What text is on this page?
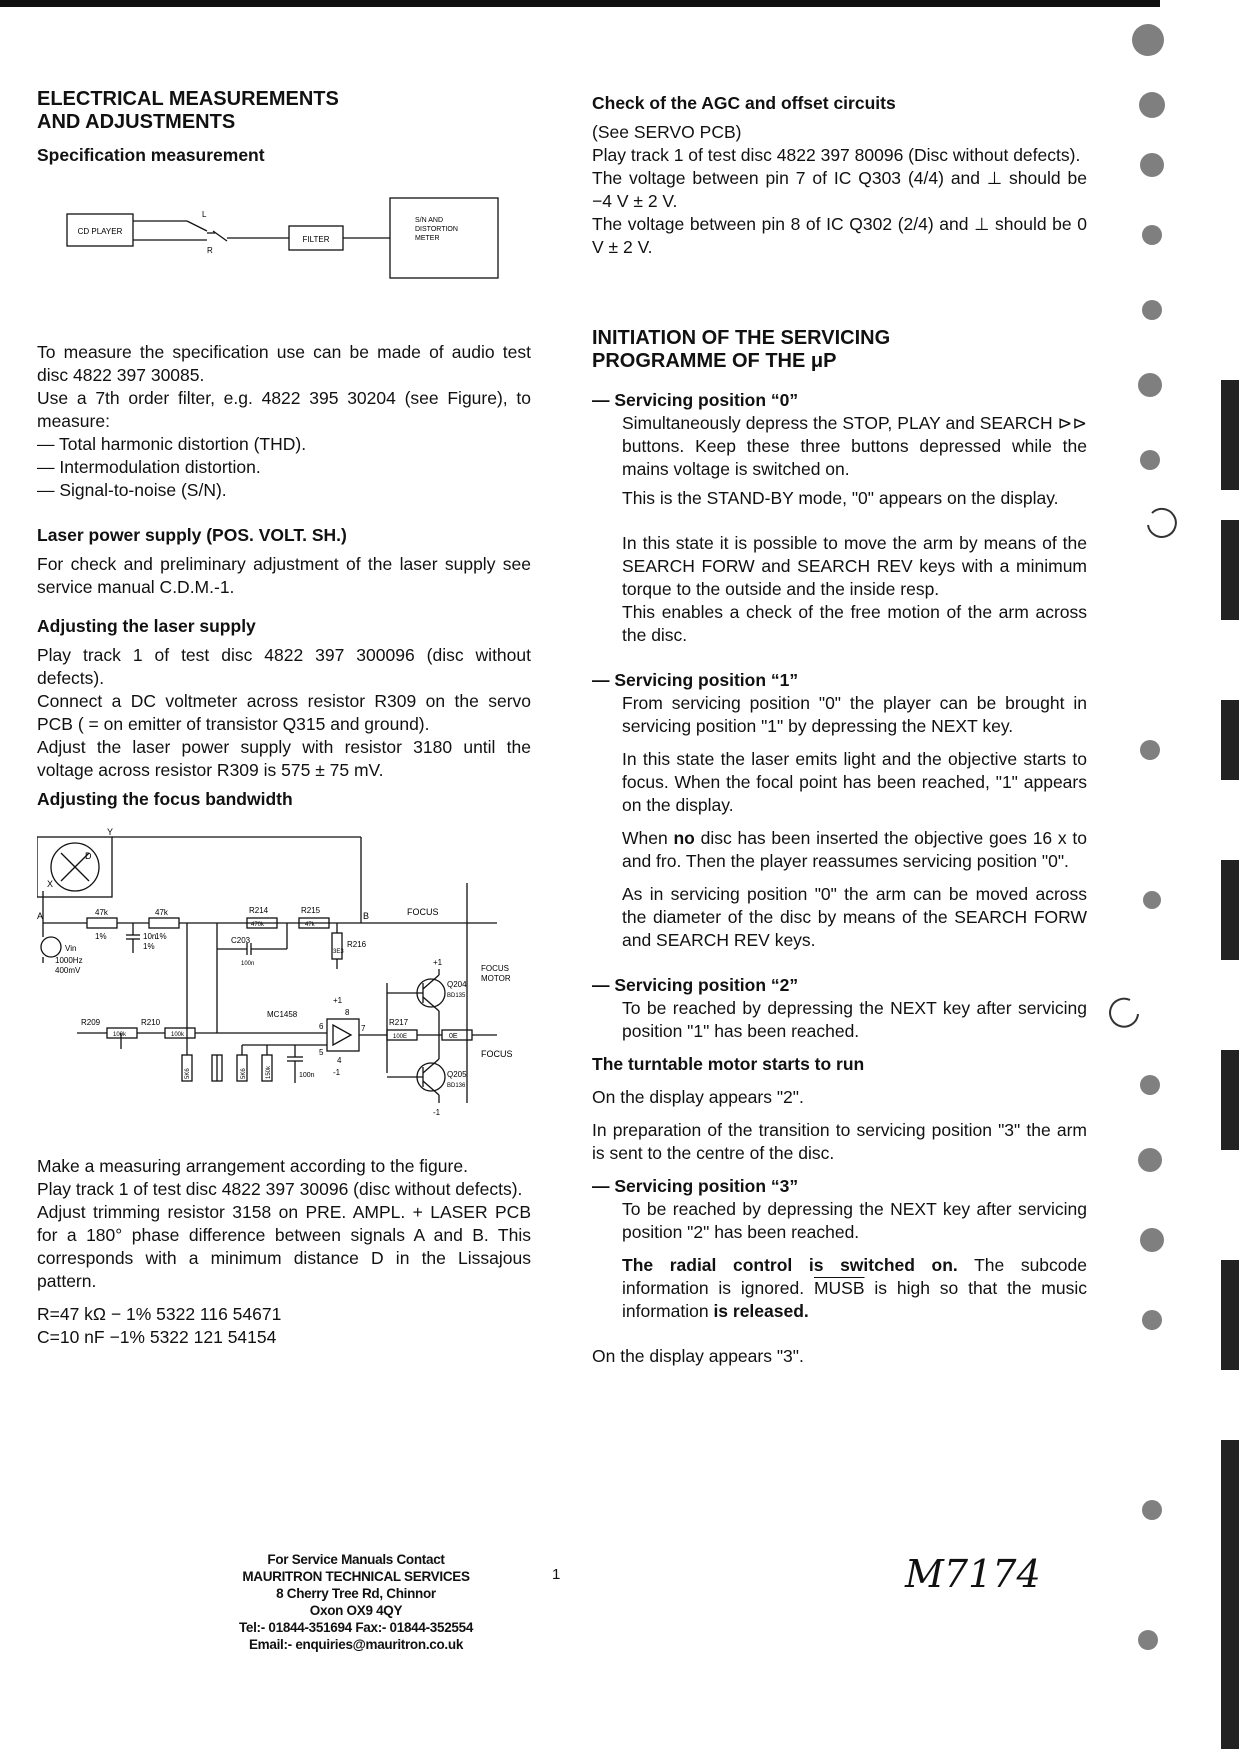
ELECTRICAL MEASUREMENTS
AND ADJUSTMENTS
Specification measurement
CD PLAYER
L
R
FILTER
S/N AND
DISTORTION
METER

To measure the specification use can be made of audio test disc 4822 397 30085.

Use a 7th order filter, e.g. 4822 395 30204 (see Figure), to measure:

— Total harmonic distortion (THD).

— Intermodulation distortion.

— Signal-to-noise (S/N).

Laser power supply (POS. VOLT. SH.)

For check and preliminary adjustment of the laser supply see service manual C.D.M.-1.

Adjusting the laser supply

Play track 1 of test disc 4822 397 300096 (disc without defects).

Connect a DC voltmeter across resistor R309 on the servo PCB ( = on emitter of transistor Q315 and ground).

Adjust the laser power supply with resistor 3180 until the voltage across resistor R309 is 575 ± 75 mV.

Adjusting the focus bandwidth
Y
D
X
A	B
47k
1%
47k
1%
10n
1%
Vin
1000Hz
400mV
R214
470k
R215
47k
C203
100n
R216
3E3
FOCUS
FOCUS
MOTOR
FOCUS
R209
100k
R210
100k
MC1458
6	7
5
4
8
+1
+1
-1
-1
R217
100E	0E
Q204
BD135
Q205
BD136
5K6	5K6	150k	100n

Make a measuring arrangement according to the figure.

Play track 1 of test disc 4822 397 30096 (disc without defects).

Adjust trimming resistor 3158 on PRE. AMPL. + LASER PCB for a 180° phase difference between signals A and B. This corresponds with a minimum distance D in the Lissajous pattern.

R=47 kΩ − 1% 5322 116 54671

C=10 nF −1% 5322 121 54154

Check of the AGC and offset circuits

(See SERVO PCB)

Play track 1 of test disc 4822 397 80096 (Disc without defects).

The voltage between pin 7 of IC Q303 (4/4) and ⊥ should be −4 V ± 2 V.

The voltage between pin 8 of IC Q302 (2/4) and ⊥ should be 0 V ± 2 V.

INITIATION OF THE SERVICING
PROGRAMME OF THE μP
— Servicing position “0”

Simultaneously depress the STOP, PLAY and SEARCH ⊳⊳ buttons. Keep these three buttons depressed while the mains voltage is switched on.

This is the STAND-BY mode, "0" appears on the display.

In this state it is possible to move the arm by means of the SEARCH FORW and SEARCH REV keys with a minimum torque to the outside and the inside resp.

This enables a check of the free motion of the arm across the disc.

— Servicing position “1”

From servicing position "0" the player can be brought in servicing position "1" by depressing the NEXT key.

In this state the laser emits light and the objective starts to focus. When the focal point has been reached, "1" appears on the display.

When no disc has been inserted the objective goes 16 x to and fro. Then the player reassumes servicing position "0".

As in servicing position "0" the arm can be moved across the diameter of the disc by means of the SEARCH FORW and SEARCH REV keys.

— Servicing position “2”

To be reached by depressing the NEXT key after servicing position "1" has been reached.

The turntable motor starts to run

On the display appears "2".

In preparation of the transition to servicing position "3" the arm is sent to the centre of the disc.

— Servicing position “3”

To be reached by depressing the NEXT key after servicing position "2" has been reached.

The radial control is switched on. The subcode information is ignored. MUSB is high so that the music information is released.

On the display appears "3".

For Service Manuals Contact
MAURITRON TECHNICAL SERVICES
8 Cherry Tree Rd, Chinnor
Oxon OX9 4QY
Tel:- 01844-351694 Fax:- 01844-352554
Email:- enquiries@mauritron.co.uk
1	M7174
